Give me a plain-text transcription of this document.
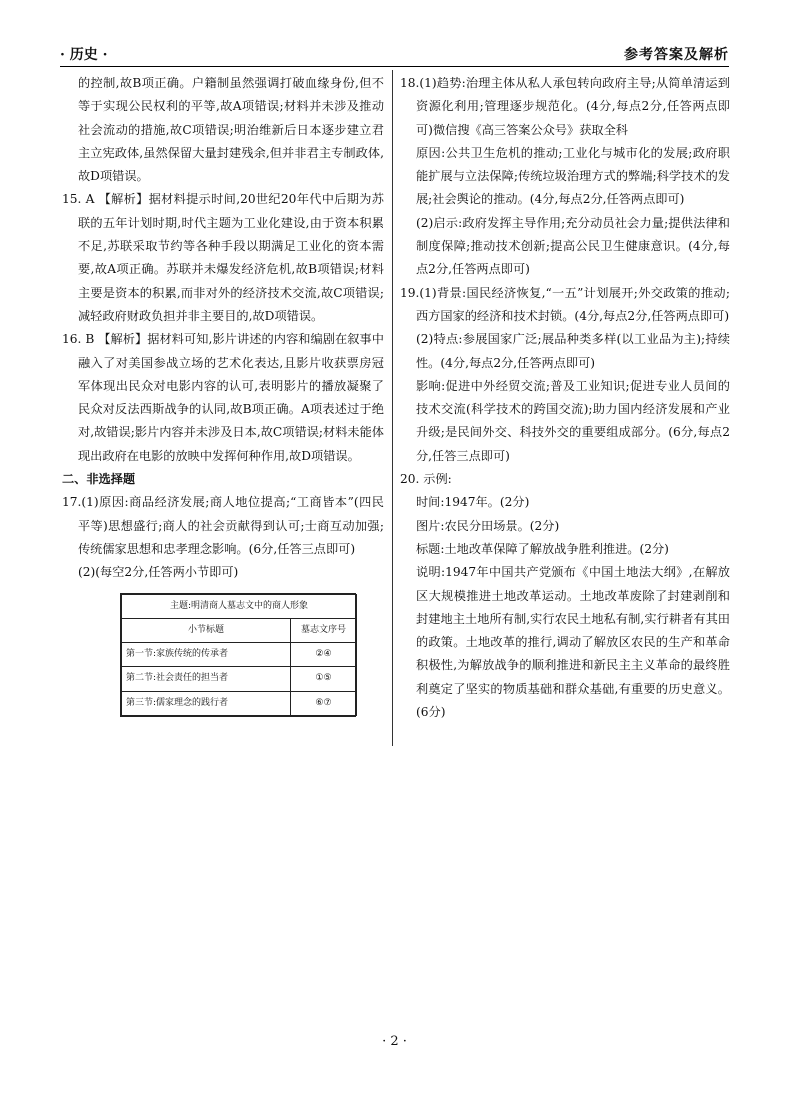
· 历史 ·	参考答案及解析

的控制,故B项正确。户籍制虽然强调打破血缘身份,但不等于实现公民权利的平等,故A项错误;材料并未涉及推动社会流动的措施,故C项错误;明治维新后日本逐步建立君主立宪政体,虽然保留大量封建残余,但并非君主专制政体,故D项错误。

15. A 【解析】据材料提示时间,20世纪20年代中后期为苏联的五年计划时期,时代主题为工业化建设,由于资本积累不足,苏联采取节约等各种手段以期满足工业化的资本需要,故A项正确。苏联并未爆发经济危机,故B项错误;材料主要是资本的积累,而非对外的经济技术交流,故C项错误;减轻政府财政负担并非主要目的,故D项错误。

16. B 【解析】据材料可知,影片讲述的内容和编剧在叙事中融入了对美国参战立场的艺术化表达,且影片收获票房冠军体现出民众对电影内容的认可,表明影片的播放凝聚了民众对反法西斯战争的认同,故B项正确。A项表述过于绝对,故错误;影片内容并未涉及日本,故C项错误;材料未能体现出政府在电影的放映中发挥何种作用,故D项错误。

二、非选择题

17.(1)原因:商品经济发展;商人地位提高;“工商皆本”(四民平等)思想盛行;商人的社会贡献得到认可;士商互动加强;传统儒家思想和忠孝理念影响。(6分,任答三点即可)

(2)(每空2分,任答两小节即可)

主题:明清商人墓志文中的商人形象	
小节标题	墓志文序号
第一节:家族传统的传承者	②④
第二节:社会责任的担当者	①⑤
第三节:儒家理念的践行者	⑥⑦

18.(1)趋势:治理主体从私人承包转向政府主导;从简单清运到资源化利用;管理逐步规范化。(4分,每点2分,任答两点即可)微信搜《高三答案公众号》获取全科

原因:公共卫生危机的推动;工业化与城市化的发展;政府职能扩展与立法保障;传统垃圾治理方式的弊端;科学技术的发展;社会舆论的推动。(4分,每点2分,任答两点即可)

(2)启示:政府发挥主导作用;充分动员社会力量;提供法律和制度保障;推动技术创新;提高公民卫生健康意识。(4分,每点2分,任答两点即可)

19.(1)背景:国民经济恢复,“一五”计划展开;外交政策的推动;西方国家的经济和技术封锁。(4分,每点2分,任答两点即可)

(2)特点:参展国家广泛;展品种类多样(以工业品为主);持续性。(4分,每点2分,任答两点即可)

影响:促进中外经贸交流;普及工业知识;促进专业人员间的技术交流(科学技术的跨国交流);助力国内经济发展和产业升级;是民间外交、科技外交的重要组成部分。(6分,每点2分,任答三点即可)

20. 示例:

时间:1947年。(2分)

图片:农民分田场景。(2分)

标题:土地改革保障了解放战争胜利推进。(2分)

说明:1947年中国共产党颁布《中国土地法大纲》,在解放区大规模推进土地改革运动。土地改革废除了封建剥削和封建地主土地所有制,实行农民土地私有制,实行耕者有其田的政策。土地改革的推行,调动了解放区农民的生产和革命积极性,为解放战争的顺利推进和新民主主义革命的最终胜利奠定了坚实的物质基础和群众基础,有重要的历史意义。(6分)

· 2 ·
